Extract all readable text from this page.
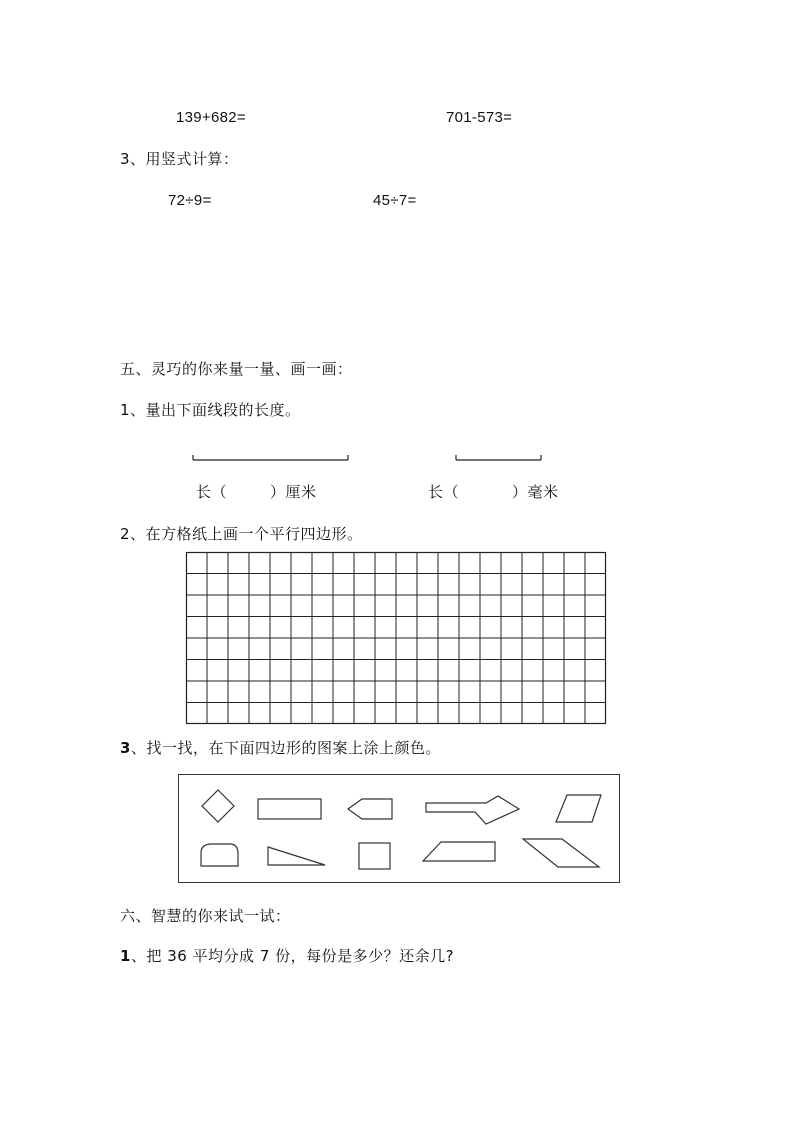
139+682=	701-573=
3、用竖式计算：
72÷9=	45÷7=
五、灵巧的你来量一量、画一画：
1、量出下面线段的长度。
长（	）厘米	长（	）毫米
2、在方格纸上画一个平行四边形。
3、找一找，在下面四边形的图案上涂上颜色。
六、智慧的你来试一试：
1、把 36 平均分成 7 份，每份是多少？还余几?
